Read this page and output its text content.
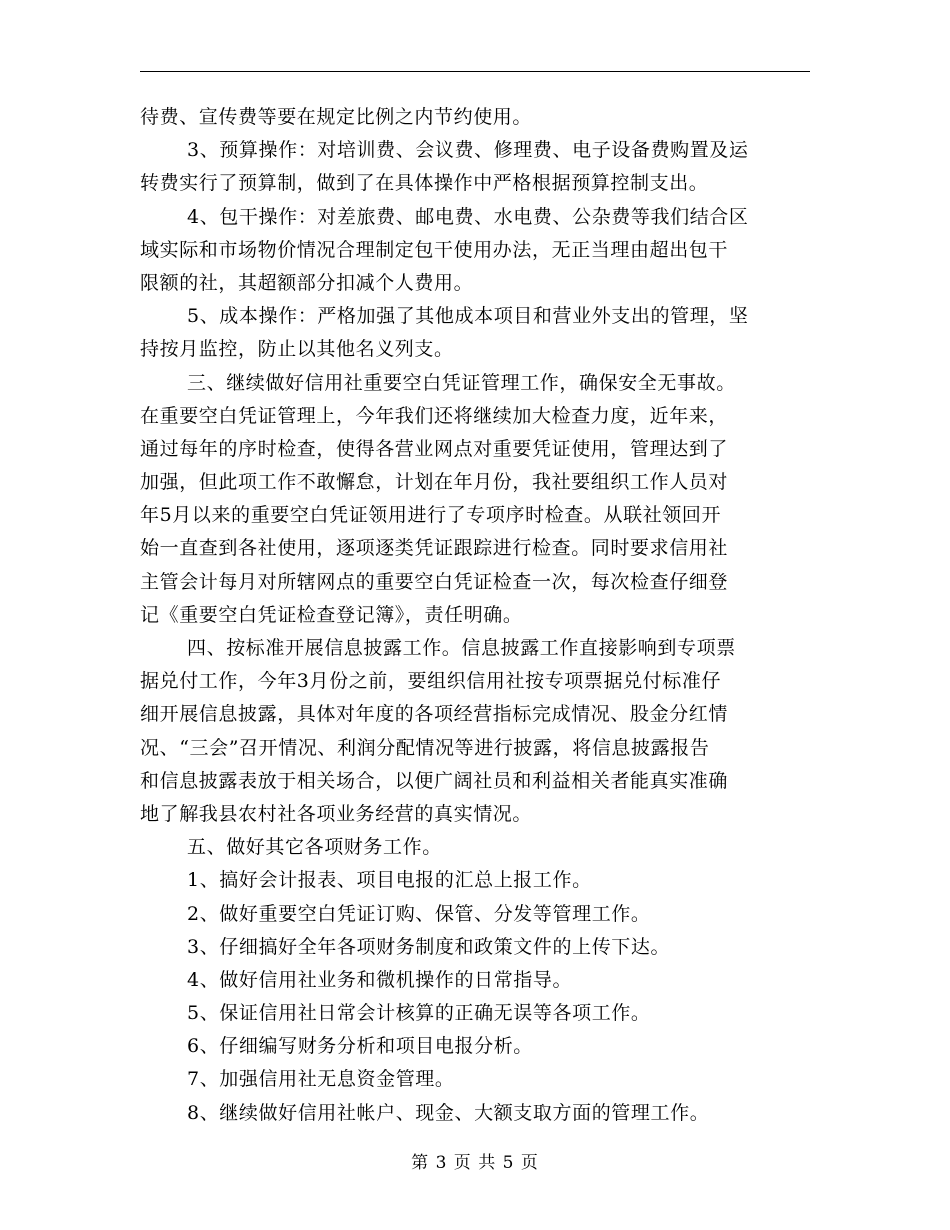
待费、宣传费等要在规定比例之内节约使用。
3、预算操作：对培训费、会议费、修理费、电子设备费购置及运
转费实行了预算制，做到了在具体操作中严格根据预算控制支出。
4、包干操作：对差旅费、邮电费、水电费、公杂费等我们结合区
域实际和市场物价情况合理制定包干使用办法，无正当理由超出包干
限额的社，其超额部分扣减个人费用。
5、成本操作：严格加强了其他成本项目和营业外支出的管理，坚
持按月监控，防止以其他名义列支。
三、继续做好信用社重要空白凭证管理工作，确保安全无事故。
在重要空白凭证管理上，今年我们还将继续加大检查力度，近年来，
通过每年的序时检查，使得各营业网点对重要凭证使用，管理达到了
加强，但此项工作不敢懈怠，计划在年月份，我社要组织工作人员对
年5月以来的重要空白凭证领用进行了专项序时检查。从联社领回开
始一直查到各社使用，逐项逐类凭证跟踪进行检查。同时要求信用社
主管会计每月对所辖网点的重要空白凭证检查一次，每次检查仔细登
记《重要空白凭证检查登记簿》，责任明确。
四、按标准开展信息披露工作。信息披露工作直接影响到专项票
据兑付工作，今年3月份之前，要组织信用社按专项票据兑付标准仔
细开展信息披露，具体对年度的各项经营指标完成情况、股金分红情
况、“三会”召开情况、利润分配情况等进行披露，将信息披露报告
和信息披露表放于相关场合，以便广阔社员和利益相关者能真实准确
地了解我县农村社各项业务经营的真实情况。
五、做好其它各项财务工作。
1、搞好会计报表、项目电报的汇总上报工作。
2、做好重要空白凭证订购、保管、分发等管理工作。
3、仔细搞好全年各项财务制度和政策文件的上传下达。
4、做好信用社业务和微机操作的日常指导。
5、保证信用社日常会计核算的正确无误等各项工作。
6、仔细编写财务分析和项目电报分析。
7、加强信用社无息资金管理。
8、继续做好信用社帐户、现金、大额支取方面的管理工作。
第 3 页 共 5 页
